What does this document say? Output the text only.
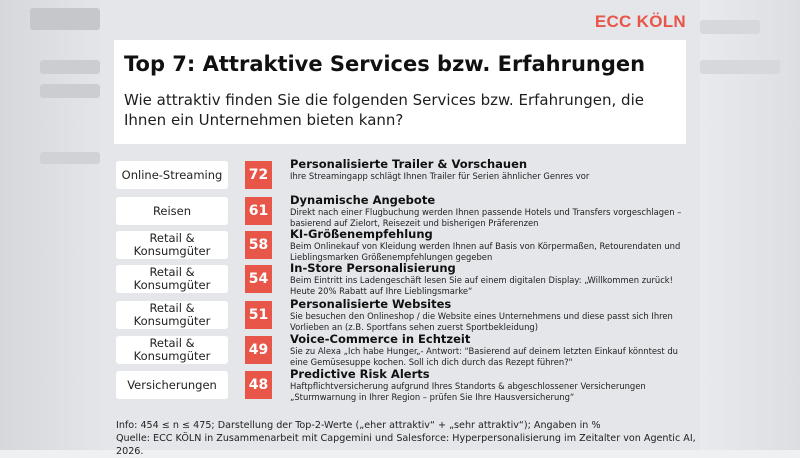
ECC KÖLN
Top 7: Attraktive Services bzw. Erfahrungen
Wie attraktiv finden Sie die folgenden Services bzw. Erfahrungen, die Ihnen ein Unternehmen bieten kann?
Online-Streaming	72
Personalisierte Trailer & Vorschauen
Ihre Streamingapp schlägt Ihnen Trailer für Serien ähnlicher Genres vor
Reisen	61
Dynamische Angebote
Direkt nach einer Flugbuchung werden Ihnen passende Hotels und Transfers vorgeschlagen – basierend auf Zielort, Reisezeit und bisherigen Präferenzen
Retail & Konsumgüter	58
KI-Größenempfehlung
Beim Onlinekauf von Kleidung werden Ihnen auf Basis von Körpermaßen, Retourendaten und Lieblingsmarken Größenempfehlungen gegeben
Retail & Konsumgüter	54
In-Store Personalisierung
Beim Eintritt ins Ladengeschäft lesen Sie auf einem digitalen Display: „Willkommen zurück! Heute 20% Rabatt auf Ihre Lieblingsmarke“
Retail & Konsumgüter	51
Personalisierte Websites
Sie besuchen den Onlineshop / die Website eines Unternehmens und diese passt sich Ihren Vorlieben an (z.B. Sportfans sehen zuerst Sportbekleidung)
Retail & Konsumgüter	49
Voice-Commerce in Echtzeit
Sie zu Alexa „Ich habe Hunger„- Antwort: "Basierend auf deinem letzten Einkauf könntest du eine Gemüsesuppe kochen. Soll ich dich durch das Rezept führen?"
Versicherungen	48
Predictive Risk Alerts
Haftpflichtversicherung aufgrund Ihres Standorts & abgeschlossener Versicherungen „Sturmwarnung in Ihrer Region – prüfen Sie Ihre Hausversicherung“
Info: 454 ≤ n ≤ 475; Darstellung der Top-2-Werte („eher attraktiv“ + „sehr attraktiv“); Angaben in %
Quelle: ECC KÖLN in Zusammenarbeit mit Capgemini und Salesforce: Hyperpersonalisierung im Zeitalter von Agentic AI, 2026.
